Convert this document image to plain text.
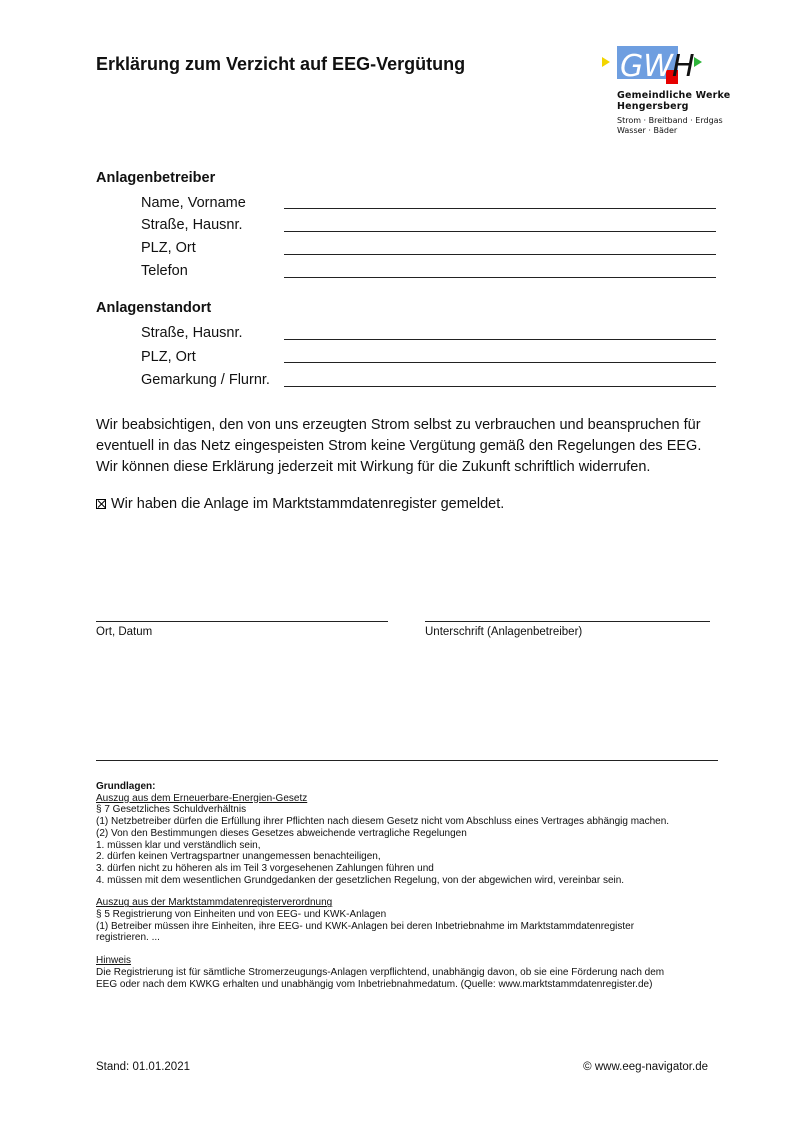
Erklärung zum Verzicht auf EEG-Vergütung	GW H
Gemeindliche Werke
Hengersberg
Strom · Breitband · Erdgas
Wasser · Bäder
Anlagenbetreiber
Name, Vorname
Straße, Hausnr.
PLZ, Ort
Telefon
Anlagenstandort
Straße, Hausnr.
PLZ, Ort
Gemarkung / Flurnr.
Wir beabsichtigen, den von uns erzeugten Strom selbst zu verbrauchen und beanspruchen für
eventuell in das Netz eingespeisten Strom keine Vergütung gemäß den Regelungen des EEG.
Wir können diese Erklärung jederzeit mit Wirkung für die Zukunft schriftlich widerrufen.
Wir haben die Anlage im Marktstammdatenregister gemeldet.
Ort, Datum	Unterschrift (Anlagenbetreiber)
Grundlagen:
Auszug aus dem Erneuerbare-Energien-Gesetz
§ 7 Gesetzliches Schuldverhältnis
(1) Netzbetreiber dürfen die Erfüllung ihrer Pflichten nach diesem Gesetz nicht vom Abschluss eines Vertrages abhängig machen.
(2) Von den Bestimmungen dieses Gesetzes abweichende vertragliche Regelungen
1. müssen klar und verständlich sein,
2. dürfen keinen Vertragspartner unangemessen benachteiligen,
3. dürfen nicht zu höheren als im Teil 3 vorgesehenen Zahlungen führen und
4. müssen mit dem wesentlichen Grundgedanken der gesetzlichen Regelung, von der abgewichen wird, vereinbar sein.
Auszug aus der Marktstammdatenregisterverordnung
§ 5 Registrierung von Einheiten und von EEG- und KWK-Anlagen
(1) Betreiber müssen ihre Einheiten, ihre EEG- und KWK-Anlagen bei deren Inbetriebnahme im Marktstammdatenregister
registrieren. ...
Hinweis
Die Registrierung ist für sämtliche Stromerzeugungs-Anlagen verpflichtend, unabhängig davon, ob sie eine Förderung nach dem
EEG oder nach dem KWKG erhalten und unabhängig vom Inbetriebnahmedatum. (Quelle: www.marktstammdatenregister.de)
Stand: 01.01.2021	© www.eeg-navigator.de
